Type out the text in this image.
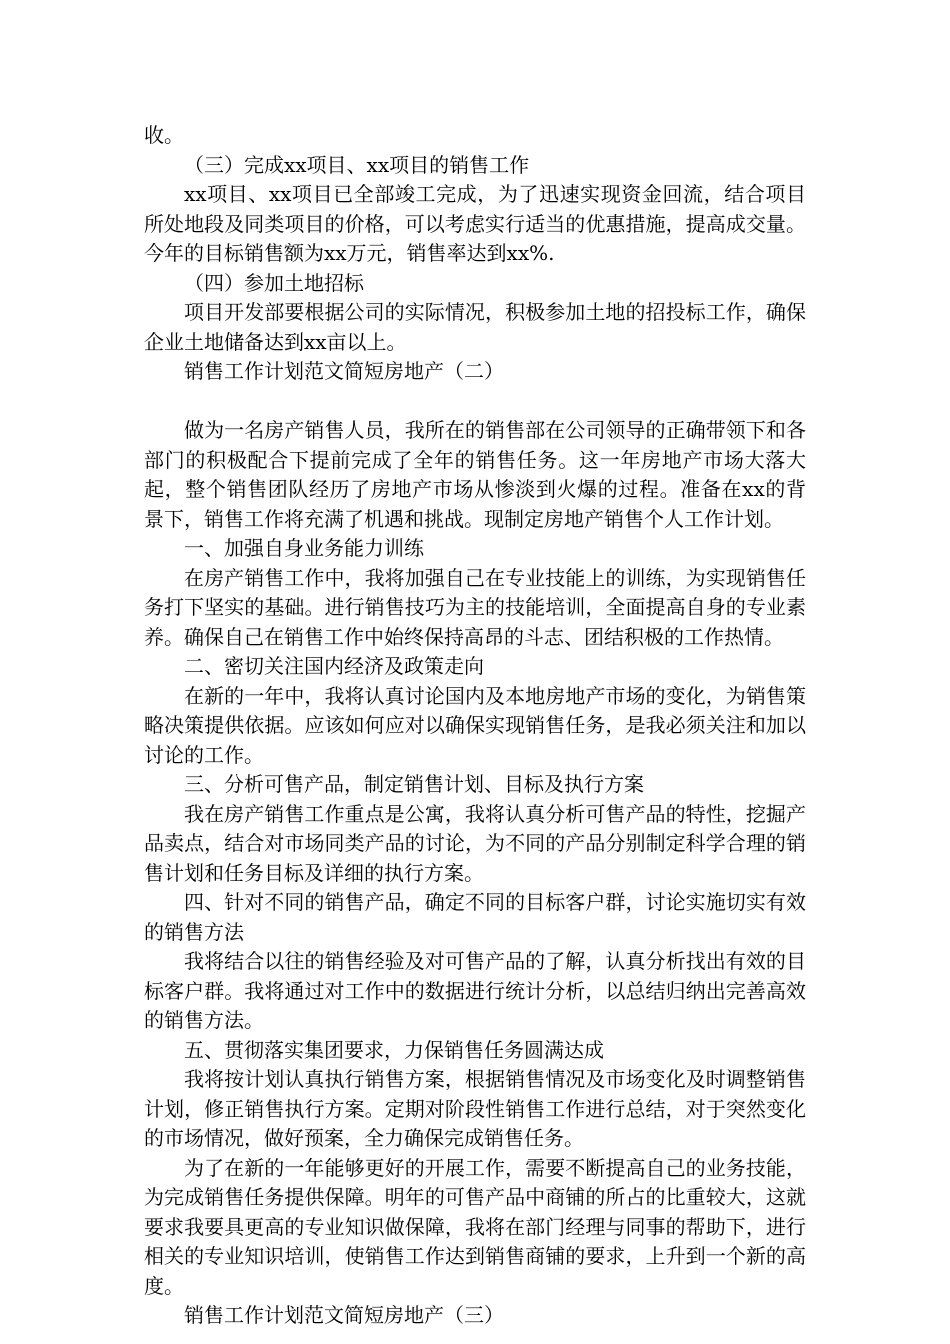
收。

（三）完成xx项目、xx项目的销售工作

xx项目、xx项目已全部竣工完成，为了迅速实现资金回流，结合项目所处地段及同类项目的价格，可以考虑实行适当的优惠措施，提高成交量。今年的目标销售额为xx万元，销售率达到xx%.

（四）参加土地招标

项目开发部要根据公司的实际情况，积极参加土地的招投标工作，确保企业土地储备达到xx亩以上。

销售工作计划范文简短房地产（二）

做为一名房产销售人员，我所在的销售部在公司领导的正确带领下和各部门的积极配合下提前完成了全年的销售任务。这一年房地产市场大落大起，整个销售团队经历了房地产市场从惨淡到火爆的过程。准备在xx的背景下，销售工作将充满了机遇和挑战。现制定房地产销售个人工作计划。

一、加强自身业务能力训练

在房产销售工作中，我将加强自己在专业技能上的训练，为实现销售任务打下坚实的基础。进行销售技巧为主的技能培训，全面提高自身的专业素养。确保自己在销售工作中始终保持高昂的斗志、团结积极的工作热情。

二、密切关注国内经济及政策走向

在新的一年中，我将认真讨论国内及本地房地产市场的变化，为销售策略决策提供依据。应该如何应对以确保实现销售任务，是我必须关注和加以讨论的工作。

三、分析可售产品，制定销售计划、目标及执行方案

我在房产销售工作重点是公寓，我将认真分析可售产品的特性，挖掘产品卖点，结合对市场同类产品的讨论，为不同的产品分别制定科学合理的销售计划和任务目标及详细的执行方案。

四、针对不同的销售产品，确定不同的目标客户群，讨论实施切实有效的销售方法

我将结合以往的销售经验及对可售产品的了解，认真分析找出有效的目标客户群。我将通过对工作中的数据进行统计分析，以总结归纳出完善高效的销售方法。

五、贯彻落实集团要求，力保销售任务圆满达成

我将按计划认真执行销售方案，根据销售情况及市场变化及时调整销售计划，修正销售执行方案。定期对阶段性销售工作进行总结，对于突然变化的市场情况，做好预案，全力确保完成销售任务。

为了在新的一年能够更好的开展工作，需要不断提高自己的业务技能，为完成销售任务提供保障。明年的可售产品中商铺的所占的比重较大，这就要求我要具更高的专业知识做保障，我将在部门经理与同事的帮助下，进行相关的专业知识培训，使销售工作达到销售商铺的要求，上升到一个新的高度。

销售工作计划范文简短房地产（三）
